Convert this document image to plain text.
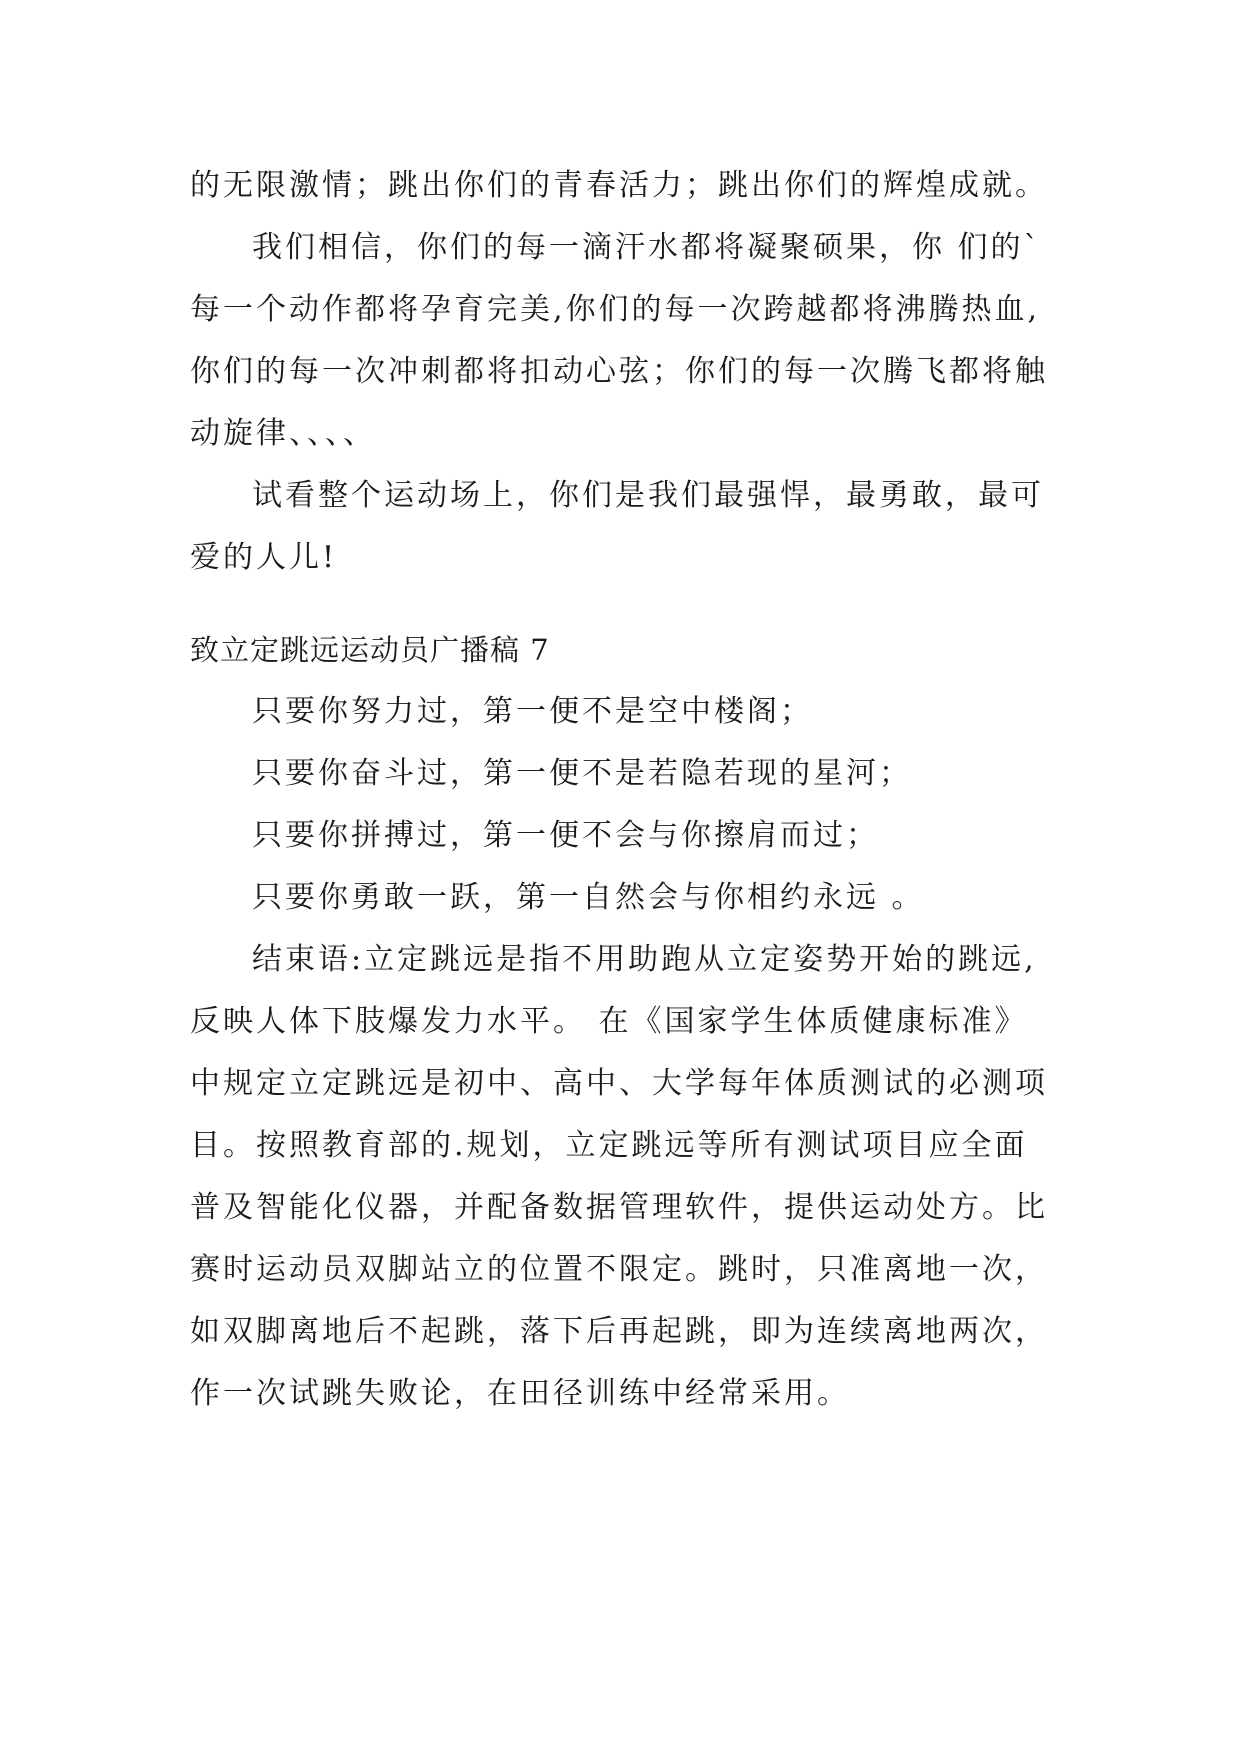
的无限激情；跳出你们的青春活力；跳出你们的辉煌成就。
我们相信，你们的每一滴汗水都将凝聚硕果，你 们的`
每一个动作都将孕育完美,你们的每一次跨越都将沸腾热血,
你们的每一次冲刺都将扣动心弦；你们的每一次腾飞都将触
动旋律、、、、
试看整个运动场上，你们是我们最强悍，最勇敢，最可
爱的人儿!
致立定跳远运动员广播稿 7
只要你努力过，第一便不是空中楼阁；
只要你奋斗过，第一便不是若隐若现的星河；
只要你拼搏过，第一便不会与你擦肩而过；
只要你勇敢一跃，第一自然会与你相约永远 。
结束语:立定跳远是指不用助跑从立定姿势开始的跳远,
反映人体下肢爆发力水平。 在《国家学生体质健康标准》
中规定立定跳远是初中、高中、大学每年体质测试的必测项
目。按照教育部的.规划，立定跳远等所有测试项目应全面
普及智能化仪器，并配备数据管理软件，提供运动处方。比
赛时运动员双脚站立的位置不限定。跳时，只准离地一次，
如双脚离地后不起跳，落下后再起跳，即为连续离地两次，
作一次试跳失败论，在田径训练中经常采用。
